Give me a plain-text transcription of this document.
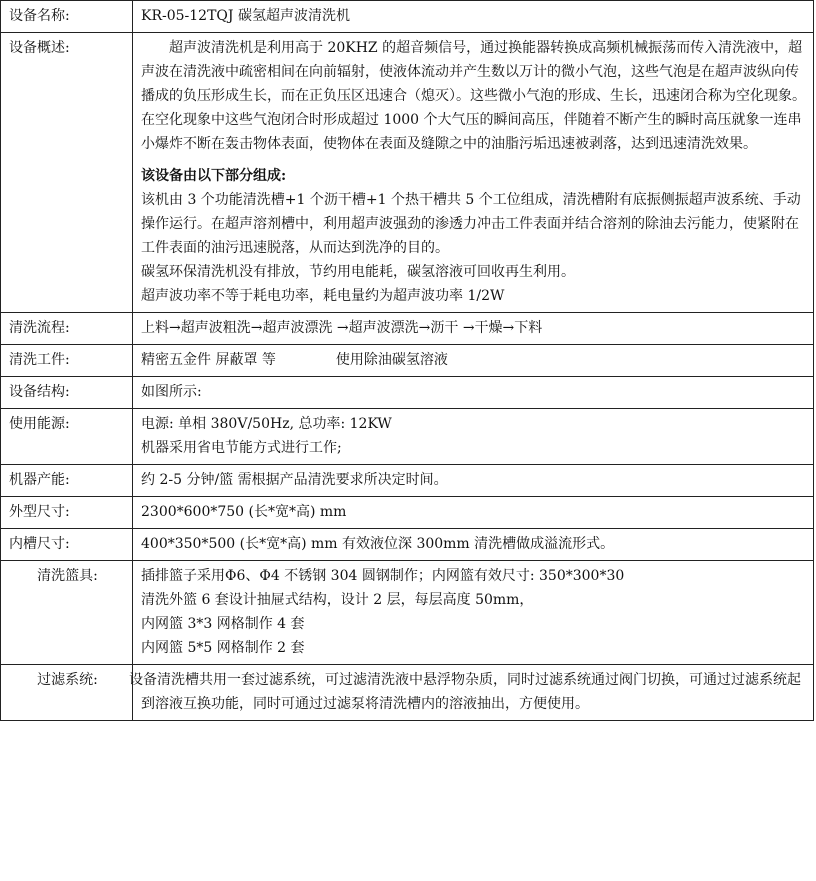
设备名称:	KR-05-12TQJ 碳氢超声波清洗机
设备概述:	超声波清洗机是利用高于 20KHZ 的超音频信号，通过换能器转换成高频机械振荡而传入清洗液中，超声波在清洗液中疏密相间在向前辐射，使液体流动并产生数以万计的微小气泡，这些气泡是在超声波纵向传播成的负压形成生长，而在正负压区迅速合（熄灭）。这些微小气泡的形成、生长，迅速闭合称为空化现象。在空化现象中这些气泡闭合时形成超过 1000 个大气压的瞬间高压，伴随着不断产生的瞬时高压就象一连串小爆炸不断在轰击物体表面，使物体在表面及缝隙之中的油脂污垢迅速被剥落，达到迅速清洗效果。

该设备由以下部分组成:

该机由 3 个功能清洗槽+1 个沥干槽+1 个热干槽共 5 个工位组成，清洗槽附有底振侧振超声波系统、手动操作运行。在超声溶剂槽中，利用超声波强劲的渗透力冲击工件表面并结合溶剂的除油去污能力，使紧附在工件表面的油污迅速脱落，从而达到洗净的目的。

碳氢环保清洗机没有排放，节约用电能耗，碳氢溶液可回收再生利用。

超声波功率不等于耗电功率，耗电量约为超声波功率 1/2W

清洗流程:	上料→超声波粗洗→超声波漂洗 →超声波漂洗→沥干 →干燥→下料
清洗工件:	精密五金件 屏蔽罩 等 使用除油碳氢溶液
设备结构:	如图所示:
使用能源:	电源: 单相 380V/50Hz, 总功率: 12KW
机器采用省电节能方式进行工作;

机器产能:	约 2-5 分钟/篮 需根据产品清洗要求所决定时间。
外型尺寸:	2300*600*750 (长*宽*高) mm
内槽尺寸:	400*350*500 (长*宽*高) mm 有效液位深 300mm 清洗槽做成溢流形式。
清洗篮具:	插排篮子采用Φ6、Φ4 不锈钢 304 圆钢制作；内网篮有效尺寸: 350*300*30
清洗外篮 6 套设计抽屉式结构，设计 2 层，每层高度 50mm，
内网篮 3*3 网格制作 4 套
内网篮 5*5 网格制作 2 套

过滤系统:	设备清洗槽共用一套过滤系统，可过滤清洗液中悬浮物杂质，同时过滤系统通过阀门切换，可通过过滤系统起到溶液互换功能，同时可通过过滤泵将清洗槽内的溶液抽出，方便使用。
